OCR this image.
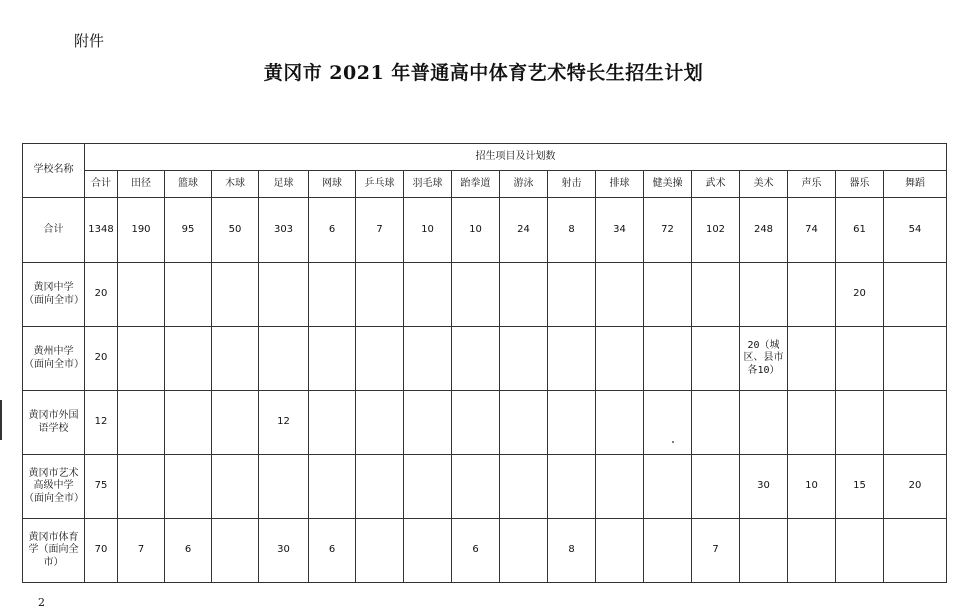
附件
黄冈市 2021 年普通高中体育艺术特长生招生计划
学校名称	招生项目及计划数																	
	合计	田径	篮球	木球	足球	网球	乒乓球	羽毛球	跆拳道	游泳	射击	排球	健美操	武术	美术	声乐	器乐	舞蹈
合计	1348	190	95	50	303	6	7	10	10	24	8	34	72	102	248	74	61	54
黄冈中学（面向全市）	20																20	
黄州中学（面向全市）	20														20（城区、县市各10）			
黄冈市外国语学校	12				12													
黄冈市艺术高级中学（面向全市）	75														30	10	15	20
黄冈市体育学（面向全市）	70	7	6		30	6			6		8			7				
2
